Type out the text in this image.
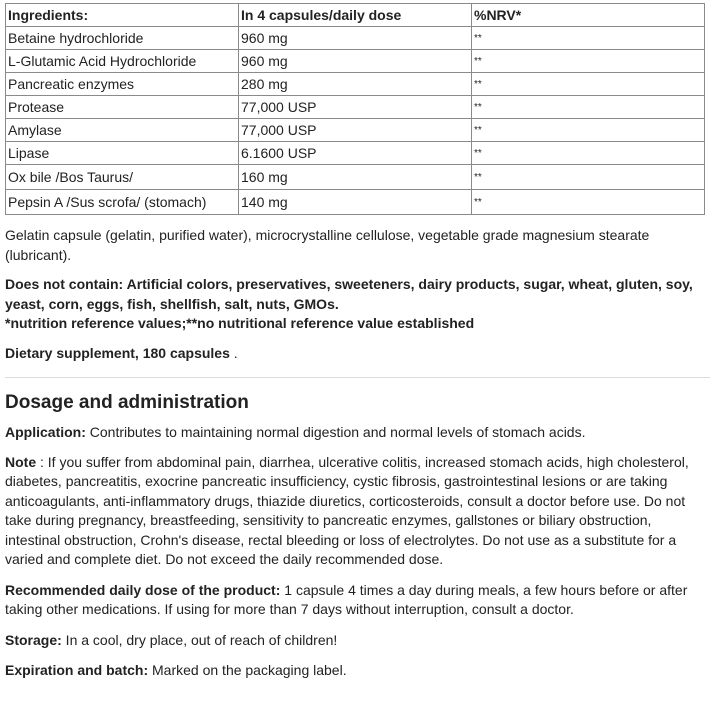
Ingredients:	In 4 capsules/daily dose	%NRV*
Betaine hydrochloride	960 mg	**
L-Glutamic Acid Hydrochloride	960 mg	**
Pancreatic enzymes	280 mg	**
Protease	77,000 USP	**
Amylase	77,000 USP	**
Lipase	6.1600 USP	**
Ox bile /Bos Taurus/	160 mg	**
Pepsin A /Sus scrofa/ (stomach)	140 mg	**

Gelatin capsule (gelatin, purified water), microcrystalline cellulose, vegetable grade magnesium stearate (lubricant).

Does not contain: Artificial colors, preservatives, sweeteners, dairy products, sugar, wheat, gluten, soy, yeast, corn, eggs, fish, shellfish, salt, nuts, GMOs.

*nutrition reference values;**no nutritional reference value established

Dietary supplement, 180 capsules .

Dosage and administration

Application: Contributes to maintaining normal digestion and normal levels of stomach acids.

Note : If you suffer from abdominal pain, diarrhea, ulcerative colitis, increased stomach acids, high cholesterol, diabetes, pancreatitis, exocrine pancreatic insufficiency, cystic fibrosis, gastrointestinal lesions or are taking anticoagulants, anti-inflammatory drugs, thiazide diuretics, corticosteroids, consult a doctor before use. Do not take during pregnancy, breastfeeding, sensitivity to pancreatic enzymes, gallstones or biliary obstruction, intestinal obstruction, Crohn's disease, rectal bleeding or loss of electrolytes. Do not use as a substitute for a varied and complete diet. Do not exceed the daily recommended dose.

Recommended daily dose of the product: 1 capsule 4 times a day during meals, a few hours before or after taking other medications. If using for more than 7 days without interruption, consult a doctor.

Storage: In a cool, dry place, out of reach of children!

Expiration and batch: Marked on the packaging label.
